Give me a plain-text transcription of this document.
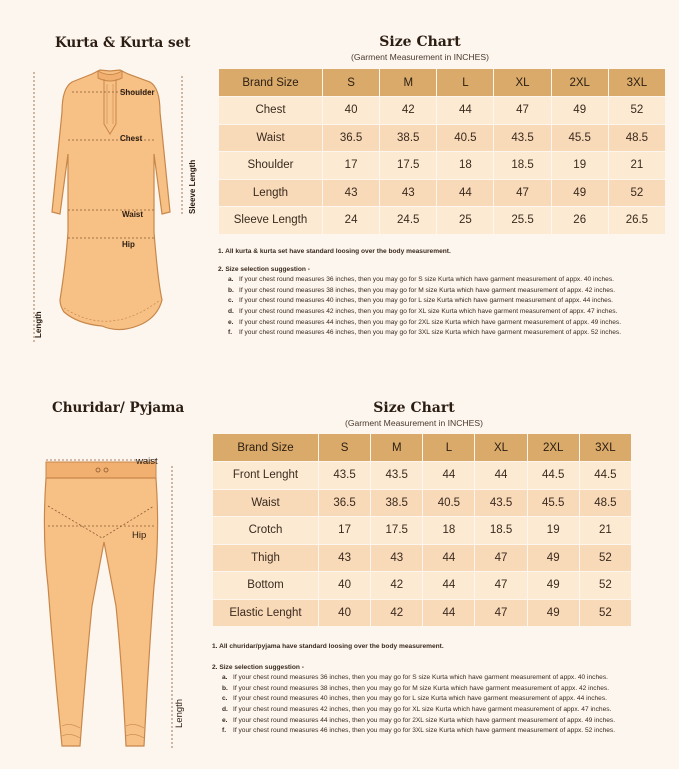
Kurta & Kurta set
Shoulder
Chest
Waist
Hip
Length
Sleeve Length
Size Chart
(Garment Measurement in INCHES)
Brand Size	S	M	L	XL	2XL	3XL
Chest	40	42	44	47	49	52
Waist	36.5	38.5	40.5	43.5	45.5	48.5
Shoulder	17	17.5	18	18.5	19	21
Length	43	43	44	47	49	52
Sleeve Length	24	24.5	25	25.5	26	26.5
1. All kurta & kurta set have standard loosing over the body measurement.
2. Size selection suggestion -
a. If your chest round measures 36 inches, then you may go for S size Kurta which have garment measurement of appx. 40 inches.
b. If your chest round measures 38 inches, then you may go for M size Kurta which have garment measurement of appx. 42 inches.
c. If your chest round measures 40 inches, then you may go for L size Kurta which have garment measurement of appx. 44 inches.
d. If your chest round measures 42 inches, then you may go for XL size Kurta which have garment measurement of appx. 47 inches.
e. If your chest round measures 44 inches, then you may go for 2XL size Kurta which have garment measurement of appx. 49 inches.
f. If your chest round measures 46 inches, then you may go for 3XL size Kurta which have garment measurement of appx. 52 inches.
Churidar/ Pyjama
waist
Hip
Length
Size Chart
(Garment Measurement in INCHES)
Brand Size	S	M	L	XL	2XL	3XL
Front Lenght	43.5	43.5	44	44	44.5	44.5
Waist	36.5	38.5	40.5	43.5	45.5	48.5
Crotch	17	17.5	18	18.5	19	21
Thigh	43	43	44	47	49	52
Bottom	40	42	44	47	49	52
Elastic Lenght	40	42	44	47	49	52
1. All churidar/pyjama have standard loosing over the body measurement.
2. Size selection suggestion -
a. If your chest round measures 36 inches, then you may go for S size Kurta which have garment measurement of appx. 40 inches.
b. If your chest round measures 38 inches, then you may go for M size Kurta which have garment measurement of appx. 42 inches.
c. If your chest round measures 40 inches, then you may go for L size Kurta which have garment measurement of appx. 44 inches.
d. If your chest round measures 42 inches, then you may go for XL size Kurta which have garment measurement of appx. 47 inches.
e. If your chest round measures 44 inches, then you may go for 2XL size Kurta which have garment measurement of appx. 49 inches.
f. If your chest round measures 46 inches, then you may go for 3XL size Kurta which have garment measurement of appx. 52 inches.
